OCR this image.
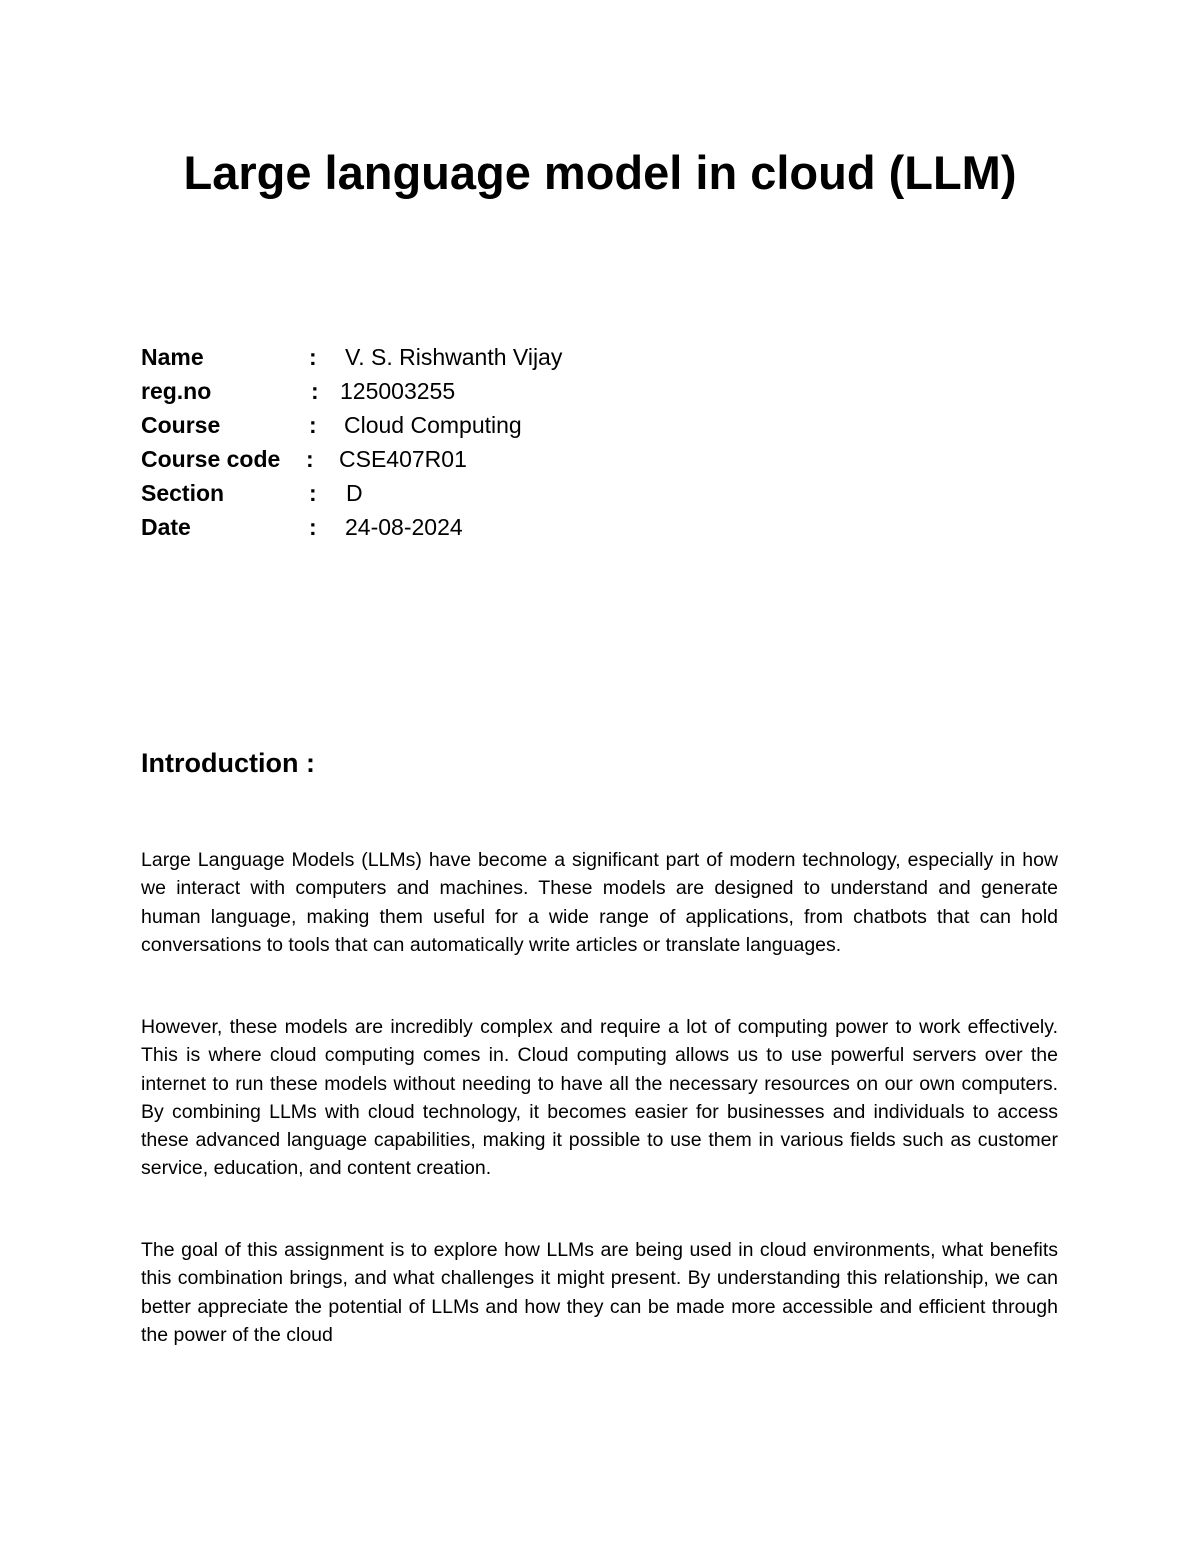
Large language model in cloud (LLM)
Name	: V. S. Rishwanth Vijay
reg.no	: 125003255
Course	: Cloud Computing
Course code : CSE407R01
Section	: D
Date	: 24-08-2024
Introduction :

Large Language Models (LLMs) have become a significant part of modern technology, especially in how we interact with computers and machines. These models are designed to understand and generate human language, making them useful for a wide range of applications, from chatbots that can hold conversations to tools that can automatically write articles or translate languages.

However, these models are incredibly complex and require a lot of computing power to work effectively. This is where cloud computing comes in. Cloud computing allows us to use powerful servers over the internet to run these models without needing to have all the necessary resources on our own computers. By combining LLMs with cloud technology, it becomes easier for businesses and individuals to access these advanced language capabilities, making it possible to use them in various fields such as customer service, education, and content creation.

The goal of this assignment is to explore how LLMs are being used in cloud environments, what benefits this combination brings, and what challenges it might present. By understanding this relationship, we can better appreciate the potential of LLMs and how they can be made more accessible and efficient through the power of the cloud
